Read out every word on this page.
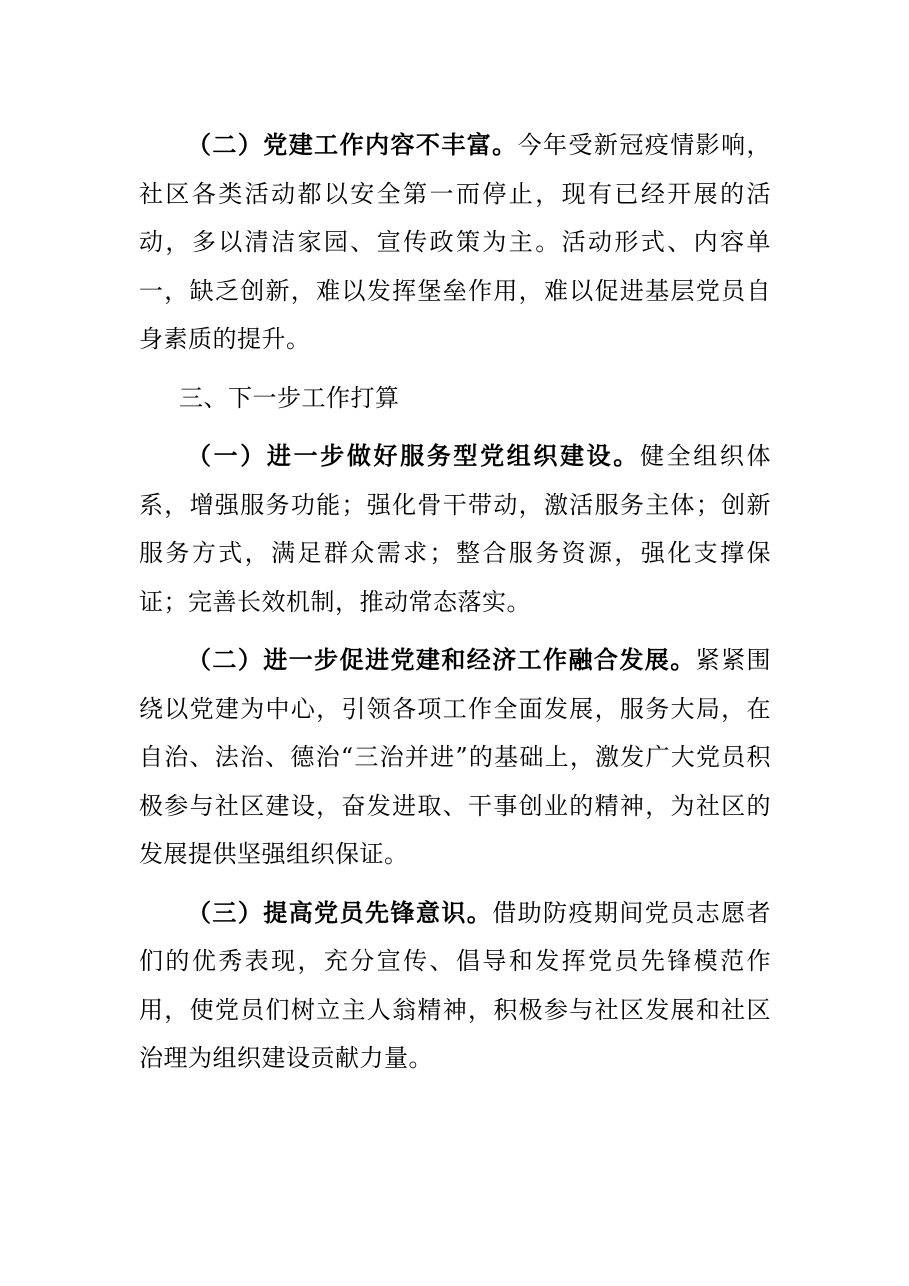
（二）党建工作内容不丰富。今年受新冠疫情影响，社区各类活动都以安全第一而停止，现有已经开展的活动，多以清洁家园、宣传政策为主。活动形式、内容单一，缺乏创新，难以发挥堡垒作用，难以促进基层党员自身素质的提升。

三、下一步工作打算

（一）进一步做好服务型党组织建设。健全组织体系，增强服务功能；强化骨干带动，激活服务主体；创新服务方式，满足群众需求；整合服务资源，强化支撑保证；完善长效机制，推动常态落实。

（二）进一步促进党建和经济工作融合发展。紧紧围绕以党建为中心，引领各项工作全面发展，服务大局，在自治、法治、德治“三治并进”的基础上，激发广大党员积极参与社区建设，奋发进取、干事创业的精神，为社区的发展提供坚强组织保证。

（三）提高党员先锋意识。借助防疫期间党员志愿者们的优秀表现，充分宣传、倡导和发挥党员先锋模范作用，使党员们树立主人翁精神，积极参与社区发展和社区治理为组织建设贡献力量。
